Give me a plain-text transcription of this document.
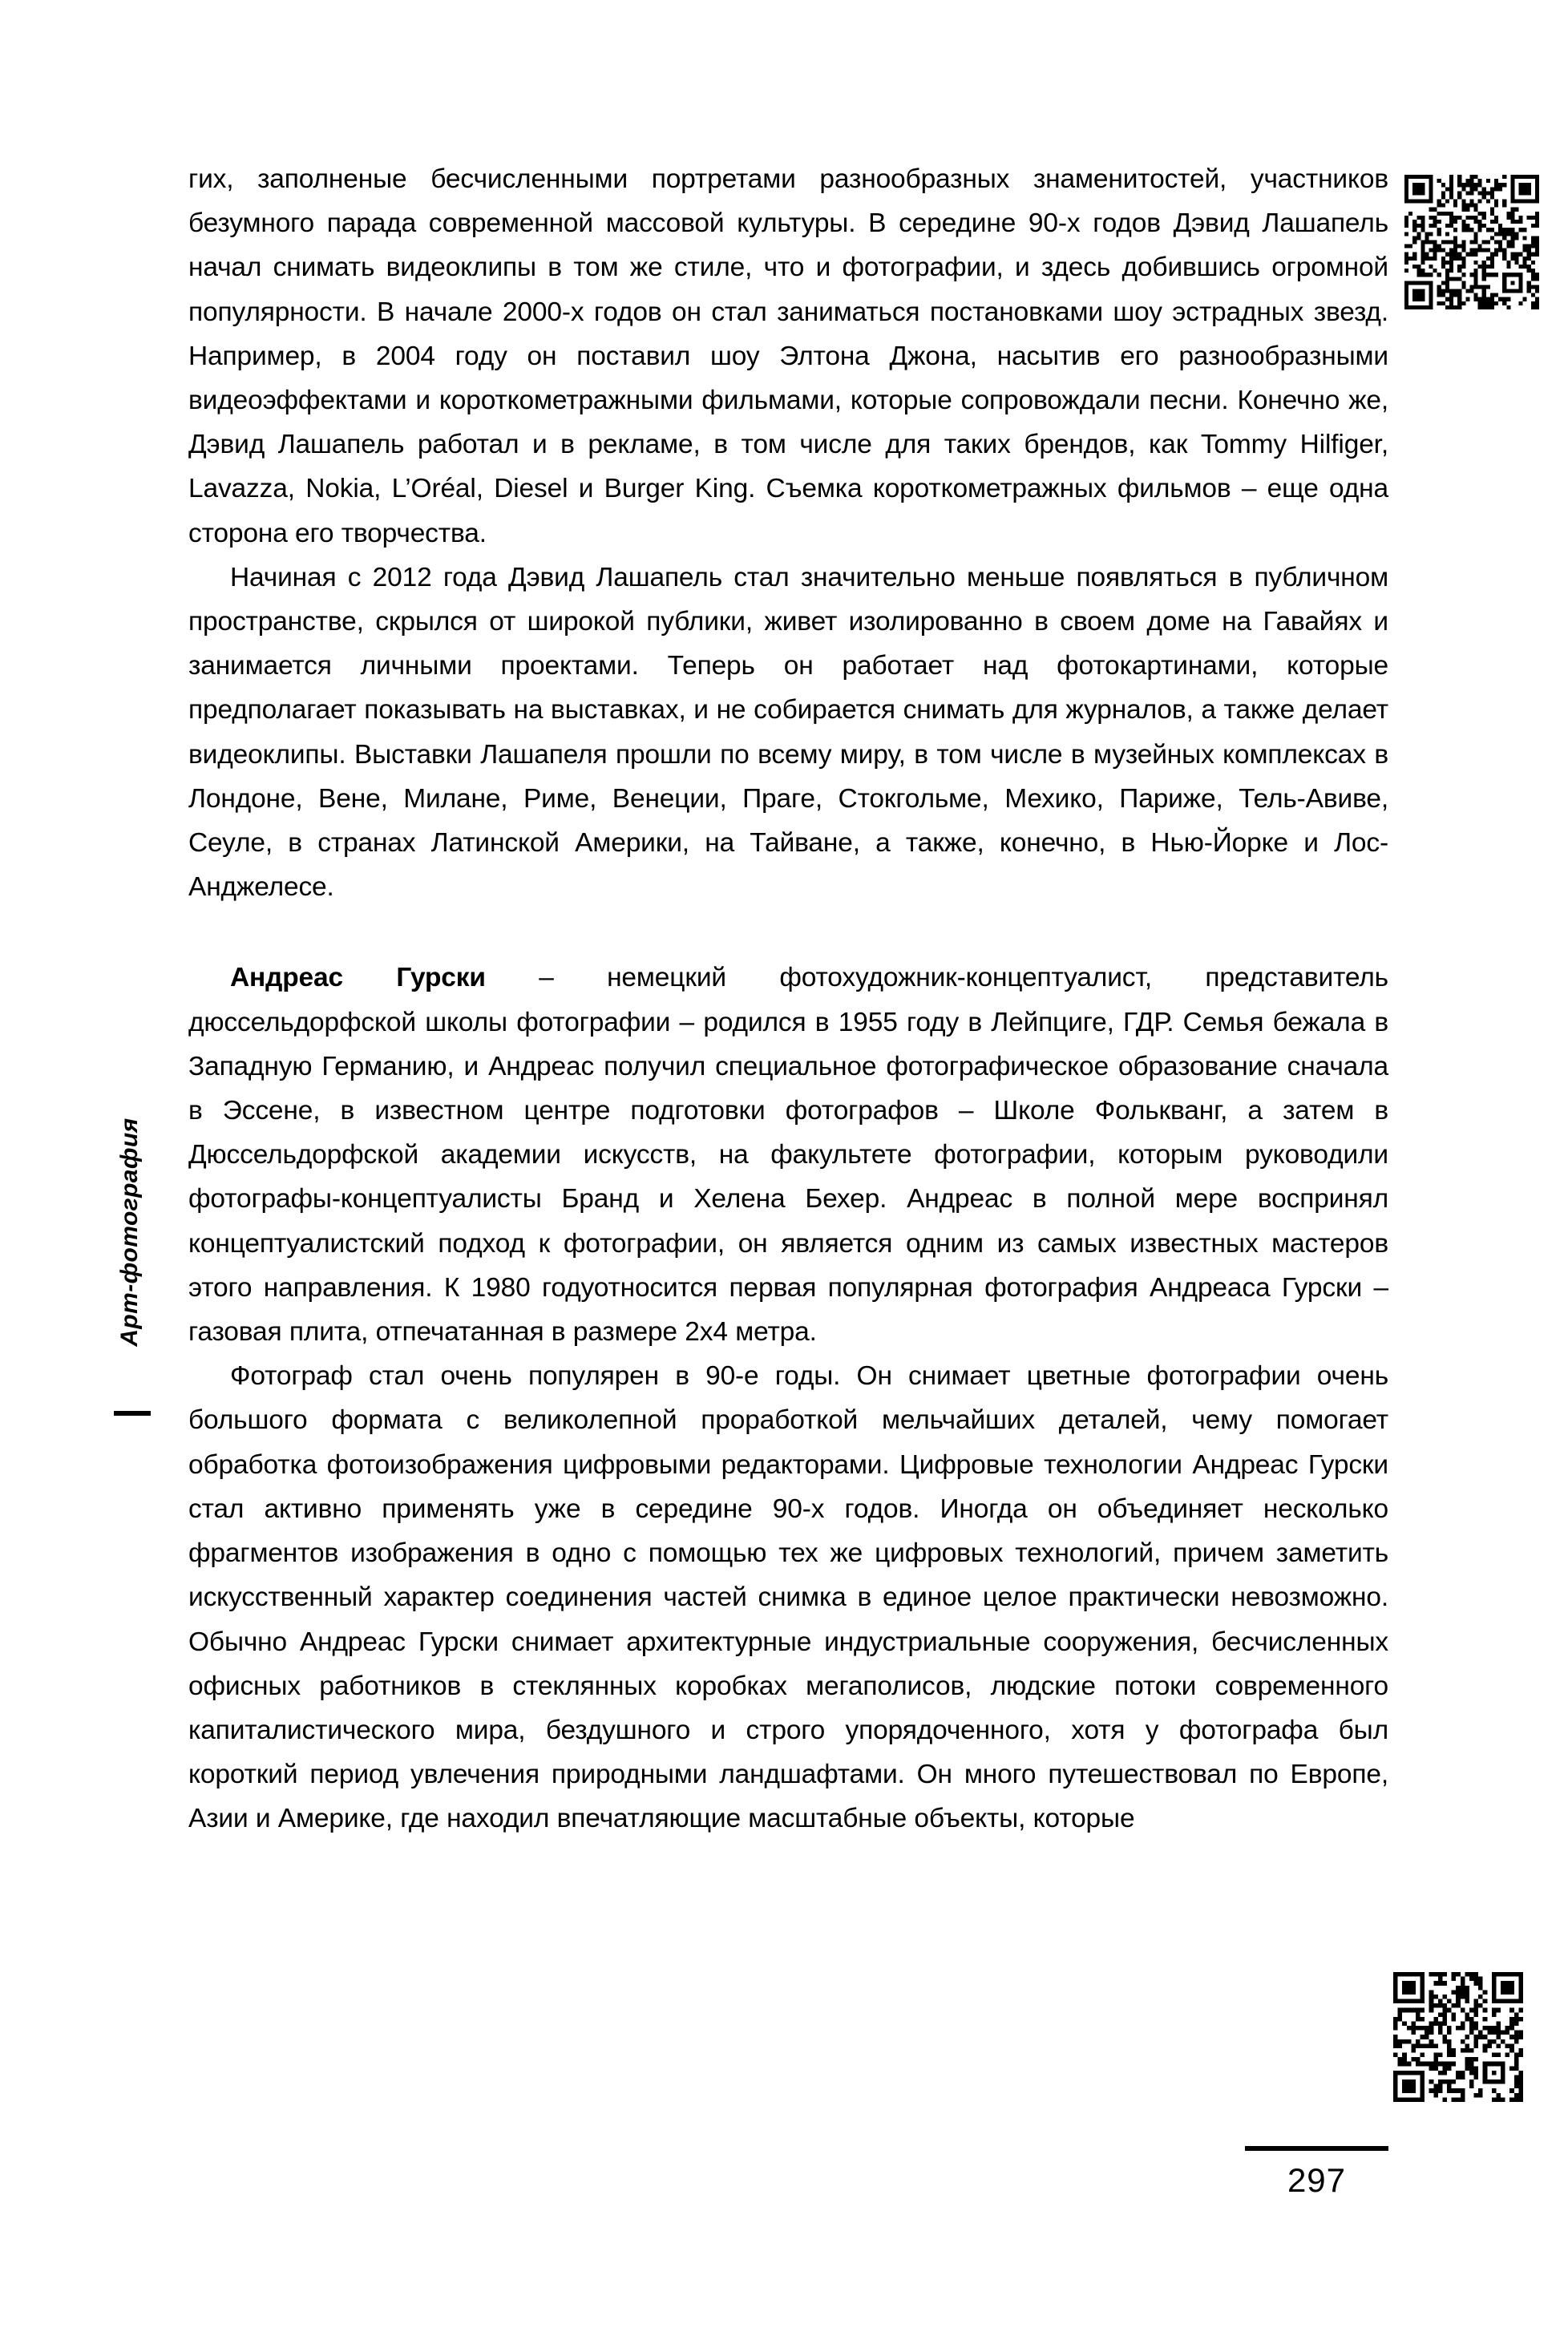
Арт-фотография

гих, заполненые бесчисленными портретами разнообразных знаменитостей, участников безумного парада современной массовой культуры. В середине 90-х годов Дэвид Лашапель начал снимать видеоклипы в том же стиле, что и фотографии, и здесь добившись огромной популярности. В начале 2000-х годов он стал заниматься постановками шоу эстрадных звезд. Например, в 2004 году он поставил шоу Элтона Джона, насытив его разнообразными видеоэффектами и короткометражными фильмами, которые сопровождали песни. Конечно же, Дэвид Лашапель работал и в рекламе, в том числе для таких брендов, как Tommy Hilfiger, Lavazza, Nokia, L’Oréal, Diesel и Burger King. Съемка короткометражных фильмов – еще одна сторона его творчества.

Начиная с 2012 года Дэвид Лашапель стал значительно меньше появляться в публичном пространстве, скрылся от широкой публики, живет изолированно в своем доме на Гавайях и занимается личными проектами. Теперь он работает над фотокартинами, которые предполагает показывать на выставках, и не собирается снимать для журналов, а также делает видеоклипы. Выставки Лашапеля прошли по всему миру, в том числе в музейных комплексах в Лондоне, Вене, Милане, Риме, Венеции, Праге, Стокгольме, Мехико, Париже, Тель-Авиве, Сеуле, в странах Латинской Америки, на Тайване, а также, конечно, в Нью-Йорке и Лос-Анджелесе.

Андреас Гурски – немецкий фотохудожник-концептуалист, представитель дюссельдорфской школы фотографии – родился в 1955 году в Лейпциге, ГДР. Семья бежала в Западную Германию, и Андреас получил специальное фотографическое образование сначала в Эссене, в известном центре подготовки фотографов – Школе Фолькванг, а затем в Дюссельдорфской академии искусств, на факультете фотографии, которым руководили фотографы-концептуалисты Бранд и Хелена Бехер. Андреас в полной мере воспринял концептуалистский подход к фотографии, он является одним из самых известных мастеров этого направления. К 1980 годуотносится первая популярная фотография Андреаса Гурски – газовая плита, отпечатанная в размере 2х4 метра.

Фотограф стал очень популярен в 90-е годы. Он снимает цветные фотографии очень большого формата с великолепной проработкой мельчайших деталей, чему помогает обработка фотоизображения цифровыми редакторами. Цифровые технологии Андреас Гурски стал активно применять уже в середине 90-х годов. Иногда он объединяет несколько фрагментов изображения в одно с помощью тех же цифровых технологий, причем заметить искусственный характер соединения частей снимка в единое целое практически невозможно. Обычно Андреас Гурски снимает архитектурные индустриальные сооружения, бесчисленных офисных работников в стеклянных коробках мегаполисов, людские потоки современного капиталистического мира, бездушного и строго упорядоченного, хотя у фотографа был короткий период увлечения природными ландшафтами. Он много путешествовал по Европе, Азии и Америке, где находил впечатляющие масштабные объекты, которые

297
